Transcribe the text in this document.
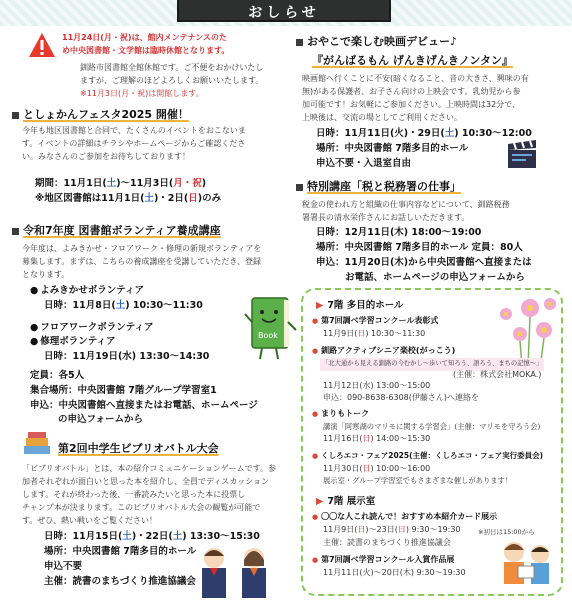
おしらせ
11月24日(月・祝)は、館内メンテナンスのた
め中央図書館・文学館は臨時休館となります。
釧路市図書館全館休館です。ご不便をおかけいたし
ますが、ご理解のほどよろしくお願いいたします。
※11月3日(月・祝)は開館します。
としょかんフェスタ2025 開催！
今年も地区図書館と合同で、たくさんのイベントをおこないま
す。イベントの詳細はチラシやホームページからご確認くださ
い。みなさんのご参加をお待ちしております！
期間：11月1日(土)〜11月3日(月・祝)
※地区図書館は11月1日(土)・2日(日)のみ
令和7年度 図書館ボランティア養成講座
今年度は、よみきかせ・フロアワーク・修理の新規ボランティアを
募集します。まずは、こちらの養成講座を受講していただき、登録
となります。
● よみきかせボランティア
日時：11月8日(土) 10:30〜11:30
● フロアワークボランティア
● 修理ボランティア
日時：11月19日(水) 13:30〜14:30
定員：各5人
集合場所：中央図書館 7階グループ学習室1
申込：中央図書館へ直接またはお電話、ホームページ
の申込フォームから
Book
第2回中学生ビブリオバトル大会
「ビブリオバトル」とは、本の紹介コミュニケーションゲームです。参
加者それぞれが面白いと思った本を紹介し、全員でディスカッション
します。それが終わった後、一番読みたいと思った本に投票し
チャンプ本が決まります。このビブリオバトル大会の観覧が可能で
す。ぜひ、熱い戦いをご覧ください！
日時：11月15日(土)・22日(土) 13:30〜15:30
場所：中央図書館 7階多目的ホール
申込不要
主催：読書のまちづくり推進協議会
おやこで楽しむ映画デビュー♪
『がんばるもん げんきげんきノンタン』
映画館へ行くことに不安(暗くなること、音の大きさ、興味の有
無)がある保護者、お子さん向けの上映会です。乳幼児から参
加可能です！お気軽にご参加ください。上映時間は32分で、
上映後は、交流の場としてご利用ください。
日時：11月11日(火)・29日(土) 10:30〜12:00
場所：中央図書館 7階多目的ホール
申込不要・入退室自由
特別講座「税と税務署の仕事」
税金の使われ方と組織の仕事内容などについて、釧路税務
署署長の清水栄作さんにお話しいただきます。
日時：12月11日(木) 18:00〜19:00
場所：中央図書館 7階多目的ホール 定員：80人
申込：11月20日(木)から中央図書館へ直接または
お電話、ホームページの申込フォームから
▶ 7階 多目的ホール
● 第7回調べ学習コンクール表彰式
11月9日(日) 10:30〜11:30
● 釧路アクティブシニア楽校(がっこう)
「北大通から見える釧路の今むかし〜歩いて知ろう、語ろう、まちの記憶〜」
(主催：株式会社MOKA.)
11月12日(水) 13:00〜15:00
申込：090-8638-6308(伊藤さん)へ連絡を
● まりもトーク
講演「阿寒湖のマリモに関する学習会」(主催：マリモを守ろう会)
11月16日(日) 14:00〜15:30
● くしろエコ・フェア2025(主催：くしろエコ・フェア実行委員会)
11月30日(日) 10:00〜16:00
展示室・グループ学習室でもさまざまな催しがあります！
▶ 7階 展示室
● 〇〇な人これ読んで！おすすめ本紹介カード展示
11月9日(日)〜23日(日) 9:30〜19:30	※初日は15:00から
主催：読書のまちづくり推進協議会
● 第7回調べ学習コンクール入賞作品展
11月11日(火)〜20日(木) 9:30〜19:30
